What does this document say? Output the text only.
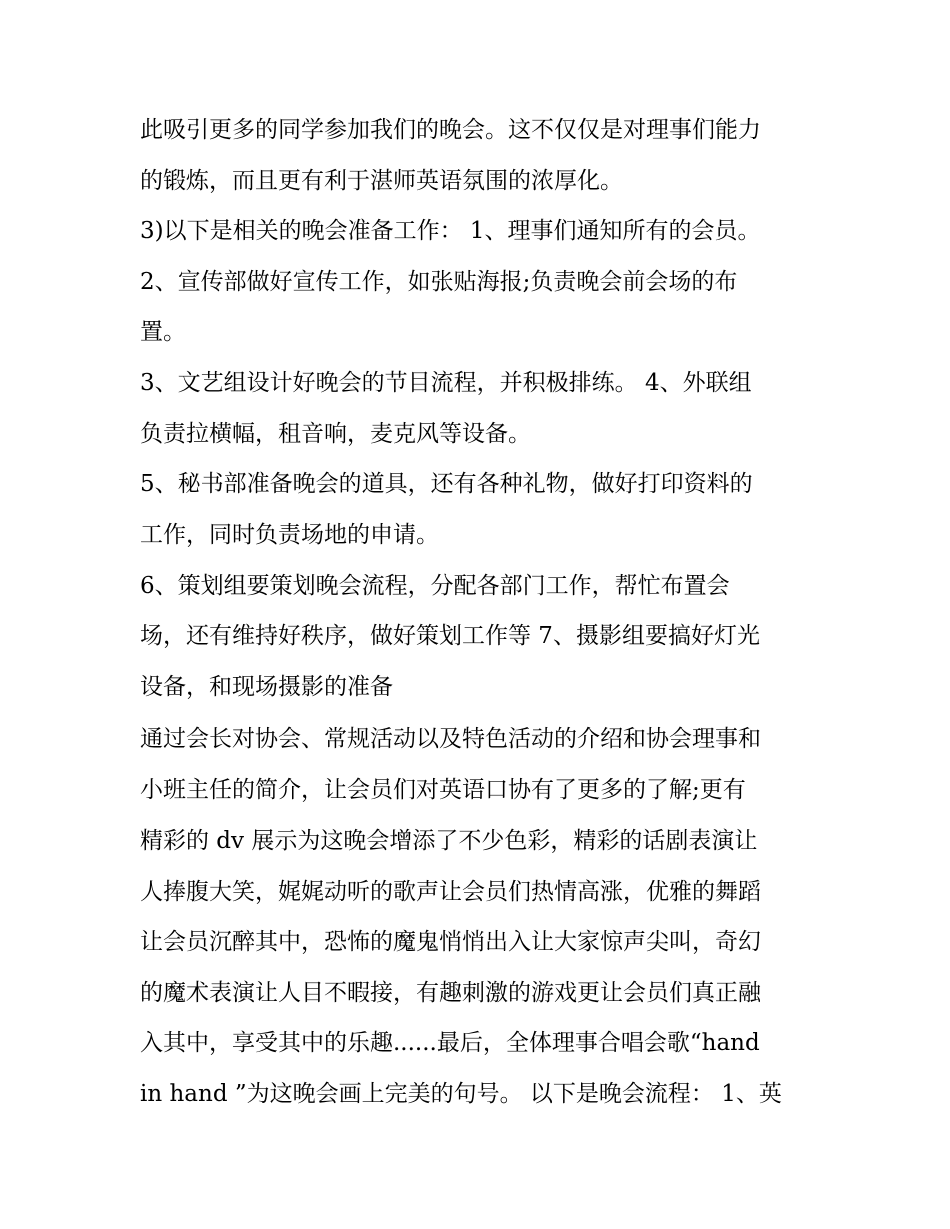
此吸引更多的同学参加我们的晚会。这不仅仅是对理事们能力
的锻炼，而且更有利于湛师英语氛围的浓厚化。
3)以下是相关的晚会准备工作： 1、理事们通知所有的会员。
2、宣传部做好宣传工作，如张贴海报;负责晚会前会场的布
置。
3、文艺组设计好晚会的节目流程，并积极排练。 4、外联组
负责拉横幅，租音响，麦克风等设备。
5、秘书部准备晚会的道具，还有各种礼物，做好打印资料的
工作，同时负责场地的申请。
6、策划组要策划晚会流程，分配各部门工作，帮忙布置会
场，还有维持好秩序，做好策划工作等 7、摄影组要搞好灯光
设备，和现场摄影的准备
通过会长对协会、常规活动以及特色活动的介绍和协会理事和
小班主任的简介，让会员们对英语口协有了更多的了解;更有
精彩的 dv 展示为这晚会增添了不少色彩，精彩的话剧表演让
人捧腹大笑，娓娓动听的歌声让会员们热情高涨，优雅的舞蹈
让会员沉醉其中，恐怖的魔鬼悄悄出入让大家惊声尖叫，奇幻
的魔术表演让人目不暇接，有趣刺激的游戏更让会员们真正融
入其中，享受其中的乐趣......最后，全体理事合唱会歌“hand
in hand ”为这晚会画上完美的句号。 以下是晚会流程： 1、英
